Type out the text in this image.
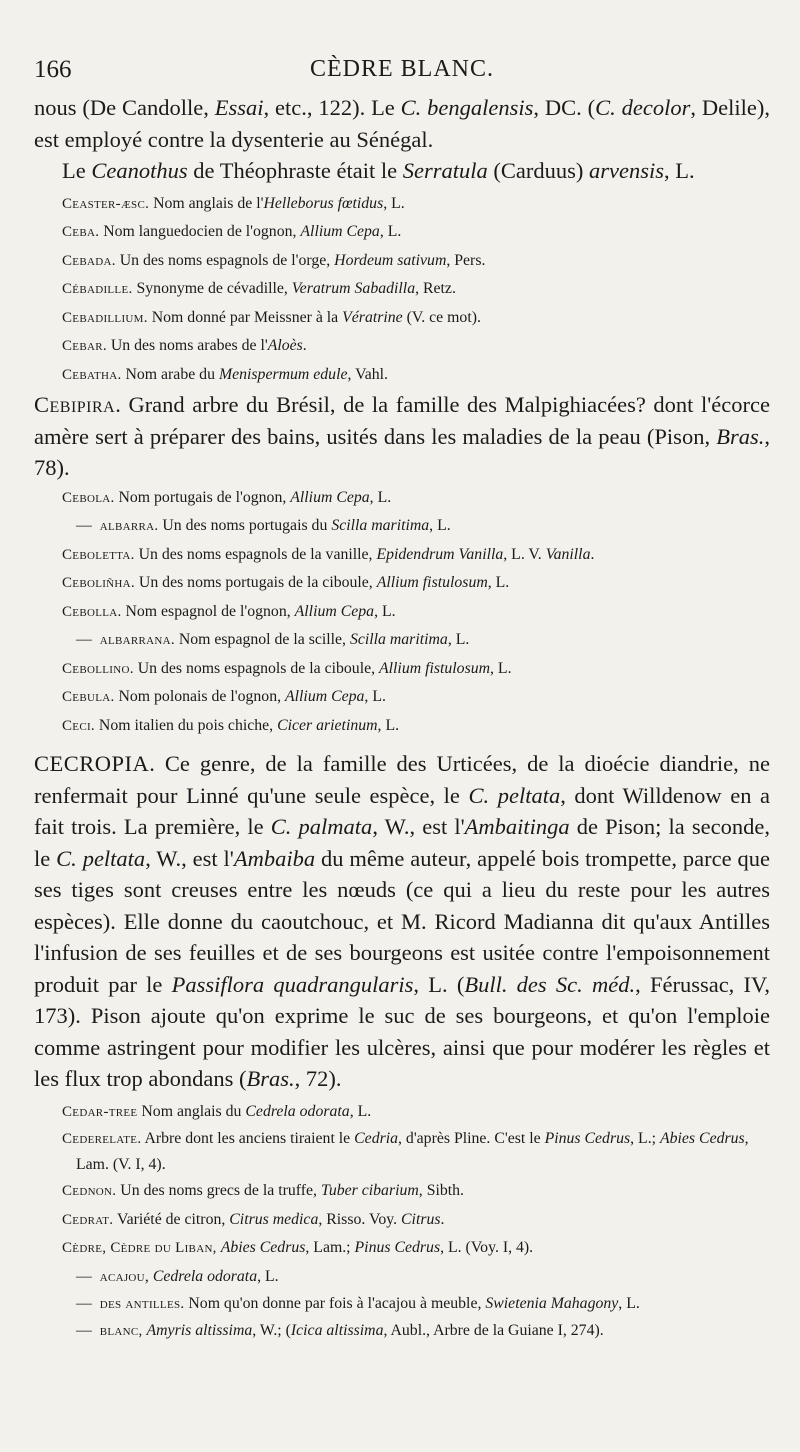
166	CÈDRE BLANC.

nous (De Candolle, Essai, etc., 122). Le C. bengalensis, DC. (C. decolor, Delile), est employé contre la dysenterie au Sénégal.

Le Ceanothus de Théophraste était le Serratula (Carduus) arvensis, L.

Ceaster-æsc. Nom anglais de l'Helleborus fœtidus, L.

Ceba. Nom languedocien de l'ognon, Allium Cepa, L.

Cebada. Un des noms espagnols de l'orge, Hordeum sativum, Pers.

Cébadille. Synonyme de cévadille, Veratrum Sabadilla, Retz.

Cebadillium. Nom donné par Meissner à la Vératrine (V. ce mot).

Cebar. Un des noms arabes de l'Aloès.

Cebatha. Nom arabe du Menispermum edule, Vahl.

Cebipira. Grand arbre du Brésil, de la famille des Malpighiacées? dont l'écorce amère sert à préparer des bains, usités dans les maladies de la peau (Pison, Bras., 78).

Cebola. Nom portugais de l'ognon, Allium Cepa, L.

—  albarra. Un des noms portugais du Scilla maritima, L.

Ceboletta. Un des noms espagnols de la vanille, Epidendrum Vanilla, L. V. Vanilla.

Ceboliñha. Un des noms portugais de la ciboule, Allium fistulosum, L.

Cebolla. Nom espagnol de l'ognon, Allium Cepa, L.

—  albarrana. Nom espagnol de la scille, Scilla maritima, L.

Cebollino. Un des noms espagnols de la ciboule, Allium fistulosum, L.

Cebula. Nom polonais de l'ognon, Allium Cepa, L.

Ceci. Nom italien du pois chiche, Cicer arietinum, L.

CECROPIA. Ce genre, de la famille des Urticées, de la dioécie diandrie, ne renfermait pour Linné qu'une seule espèce, le C. peltata, dont Willdenow en a fait trois. La première, le C. palmata, W., est l'Ambaitinga de Pison; la seconde, le C. peltata, W., est l'Ambaiba du même auteur, appelé bois trompette, parce que ses tiges sont creuses entre les nœuds (ce qui a lieu du reste pour les autres espèces). Elle donne du caoutchouc, et M. Ricord Madianna dit qu'aux Antilles l'infusion de ses feuilles et de ses bourgeons est usitée contre l'empoisonnement produit par le Passiflora quadrangularis, L. (Bull. des Sc. méd., Férussac, IV, 173). Pison ajoute qu'on exprime le suc de ses bourgeons, et qu'on l'emploie comme astringent pour modifier les ulcères, ainsi que pour modérer les règles et les flux trop abondans (Bras., 72).

Cedar-tree Nom anglais du Cedrela odorata, L.

Cederelate. Arbre dont les anciens tiraient le Cedria, d'après Pline. C'est le Pinus Cedrus, L.; Abies Cedrus, Lam. (V. I, 4).

Cednon. Un des noms grecs de la truffe, Tuber cibarium, Sibth.

Cedrat. Variété de citron, Citrus medica, Risso. Voy. Citrus.

Cèdre, Cèdre du Liban, Abies Cedrus, Lam.; Pinus Cedrus, L. (Voy. I, 4).

—  acajou, Cedrela odorata, L.

—  des antilles. Nom qu'on donne par fois à l'acajou à meuble, Swietenia Mahagony, L.

—  blanc, Amyris altissima, W.; (Icica altissima, Aubl., Arbre de la Guiane I, 274).
